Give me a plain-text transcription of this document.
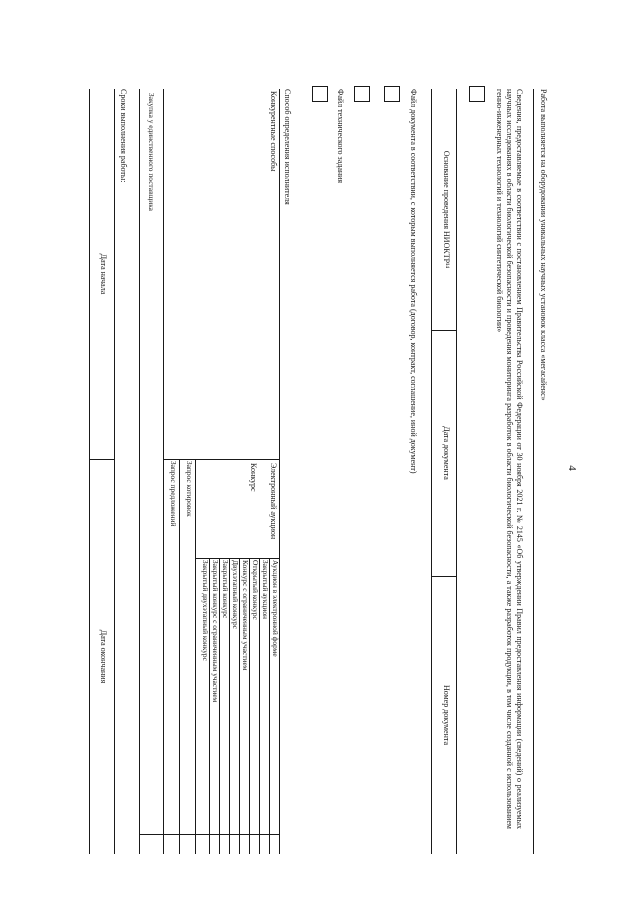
4
Работа выполняется на оборудовании уникальных научных установок класса «мегасайенс»
Сведения, предоставляемые в соответствии с постановлением Правительства Российской Федерации от 30 ноября 2021 г. № 2145 «Об утверждении Правил предоставления информации (сведений) о реализуемых научных исследованиях в области биологической безопасности и проведения мониторинга разработок в области биологической безопасности, а также разработок продукции, в том числе созданной с использованием генно-инженерных технологий и технологий синтетической биологии»
Основание проведения НИОКТР¹⁴
Дата документа
Номер документа
Файл документа в соответствии, с которым выполняется работа (договор, контракт, соглашение, иной документ)
Файл технического задания
Способ определения исполнителя
Конкурентные способы
Электронный аукцион
Конкурс
Аукцион в электронной форме
Закрытый аукцион
Открытый конкурс
Конкурс с ограниченным участием
Двухэтапный конкурс
Закрытый конкурс
Закрытый конкурс с ограниченным участием
Закрытый двухэтапный конкурс
Запрос котировок
Запрос предложений
Закупка у единственного поставщика
Сроки выполнения работы:
Дата начала
Дата окончания
